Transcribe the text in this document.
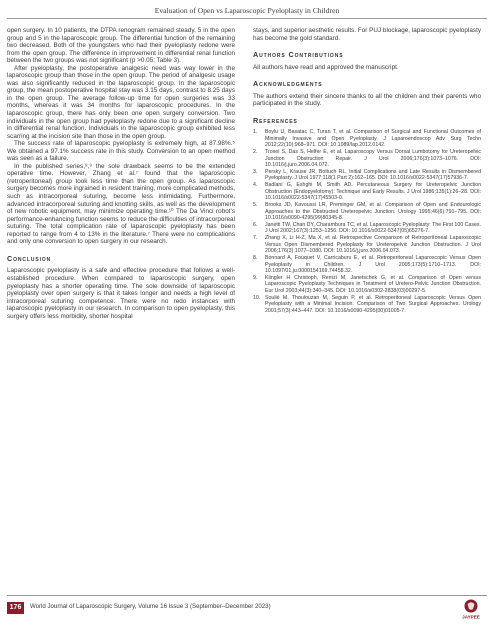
Evaluation of Open vs Laparoscopic Pyeloplasty in Children

open surgery. In 10 patients, the DTPA renogram remained steady, 5 in the open group and 5 in the laparoscopic group. The differential function of the remaining two decreased. Both of the youngsters who had their pyeloplasty redone were from the open group. The difference in improvement in differential renal function between the two groups was not significant (p >0.05; Table 3).

After pyeloplasty, the postoperative analgesic need was way lower in the laparoscopic group than those in the open group. The period of analgesic usage was also significantly reduced in the laparoscopic group. In the laparoscopic group, the mean postoperative hospital stay was 3.15 days, contrast to 8.25 days in the open group. The average follow-up time for open surgeries was 33 months, whereas it was 34 months for laparoscopic procedures. In the laparoscopic group, there has only been one open surgery conversion. Two individuals in the open group had pyeloplasty redone due to a significant decline in differential renal function. Individuals in the laparoscopic group exhibited less scarring at the incision site than those in the open group.

The success rate of laparoscopic pyeloplasty is extremely high, at 87.98%.⁵ We obtained a 97.1% success rate in this study. Conversion to an open method was seen as a failure.

In the published series,⁸,⁹ the sole drawback seems to be the extended operative time. However, Zhang et al.⁷ found that the laparoscopic (retroperitoneal) group took less time than the open group. As laparoscopic surgery becomes more ingrained in resident training, more complicated methods, such as intracorporeal suturing, become less intimidating. Furthermore, advanced intracorporeal suturing and knotting skills, as well as the development of new robotic equipment, may minimize operating time.¹⁰ The Da Vinci robot’s performance-enhancing function seems to reduce the difficulties of intracorporeal suturing. The total complication rate of laparoscopic pyeloplasty has been reported to range from 4 to 13% in the literature.⁷ There were no complications and only one conversion to open surgery in our research.

Conclusion

Laparoscopic pyeloplasty is a safe and effective procedure that follows a well-established procedure. When compared to laparoscopic surgery, open pyeloplasty has a shorter operating time. The sole downside of laparoscopic pyeloplasty over open surgery is that it takes longer and needs a high level of intracorporeal suturing competence. There were no redo instances with laparoscopic pyeloplasty in our research. In comparison to open pyeloplasty, this surgery offers less morbidity, shorter hospital

stays, and superior aesthetic results. For PUJ blockage, laparoscopic pyeloplasty has become the gold standard.

Authors Contributions

All authors have read and approved the manuscript.

Acknowledgments

The authors extend their sincere thanks to all the children and their parents who participated in the study.

References
1.	Boylu U, Basatac C, Turan T, et al. Comparison of Surgical and Functional Outcomes of Minimally Invasive and Open Pyeloplasty. J Laparoendoscop Adv Surg Techn 2012;22(10):968–971. DOI: 10.1089/lap.2012.0142.
2.	Troxel S, Das S, Helfer E, et al. Laparoscopy Versus Dorsal Lumbotomy for Ureteropelvic Junction Obstruction Repair. J Urol 2006;176(3):1073–1076. DOI: 10.1016/j.juro.2006.04.072.
3.	Persky L, Krause JR, Boltuch RL. Initial Complications and Late Results in Dismembered Pyeloplasty. J Urol 1977;118(1 Part 2):162–165. DOI: 10.1016/s0022-5347(17)57936-7.
4.	Badlani G, Eshghi M, Smith AD. Percutaneous Surgery for Ureteropelvic Junction Obstruction (Endopyelotomy): Technique and Early Results. J Urol 1986;135(1):26–28. DOI: 10.1016/s0022-5347(17)45503-0.
5.	Brooks JD, Kavoussi LR, Preminger GM, et al. Comparison of Open and Endourologic Approaches to the Obstructed Ureteropelvic Junction. Urology 1995;46(6):791–795. DOI: 10.1016/s0090-4295(99)80345-8.
6.	Janetti TW, Chan DY, Charambura TC, et al. Laparoscopic Pyeloplasty: The First 100 Cases. J Urol 2002;167(3):1253–1256. DOI: 10.1016/s0022-5347(05)65276-7.
7.	Zhang X, Li H-Z, Ma X, et al. Retrospective Comparison of Retroperitoneal Laparoscopic Versus Open Dismembered Pyeloplasty for Ureteropelvic Junction Obstruction. J Urol 2006;176(3):1077–1080. DOI: 10.1016/j.juro.2006.04.073.
8.	Bonnard A, Fouquet V, Carricaburu E, et al. Retroperitoneal Laparoscopic Versus Open Pyeloplasty in Children. J Urol 2005;173(5):1710–1713. DOI: 10.1097/01.ju.0000154169.74458.32.
9.	Klingler H Christoph, Remzi M, Janetschek G, et al. Comparison of Open versus Laparoscopic Pyeloplasty Techniques in Treatment of Uretero-Pelvic Junction Obstruction. Eur Urol 2003;44(3):340–345. DOI: 10.1016/s0302-2838(03)00297-5.
10. Soulié M, Thoulouzan M, Seguin P, et al. Retroperitoneal Laparoscopic Versus Open Pyeloplasty with a Minimal Incision: Comparison of Two Surgical Approaches. Urology 2001;57(3):443–447. DOI: 10.1016/s0090-4295(00)01005-7.
176	World Journal of Laparoscopic Surgery, Volume 16 Issue 3 (September–December 2023)
JAYPEE
